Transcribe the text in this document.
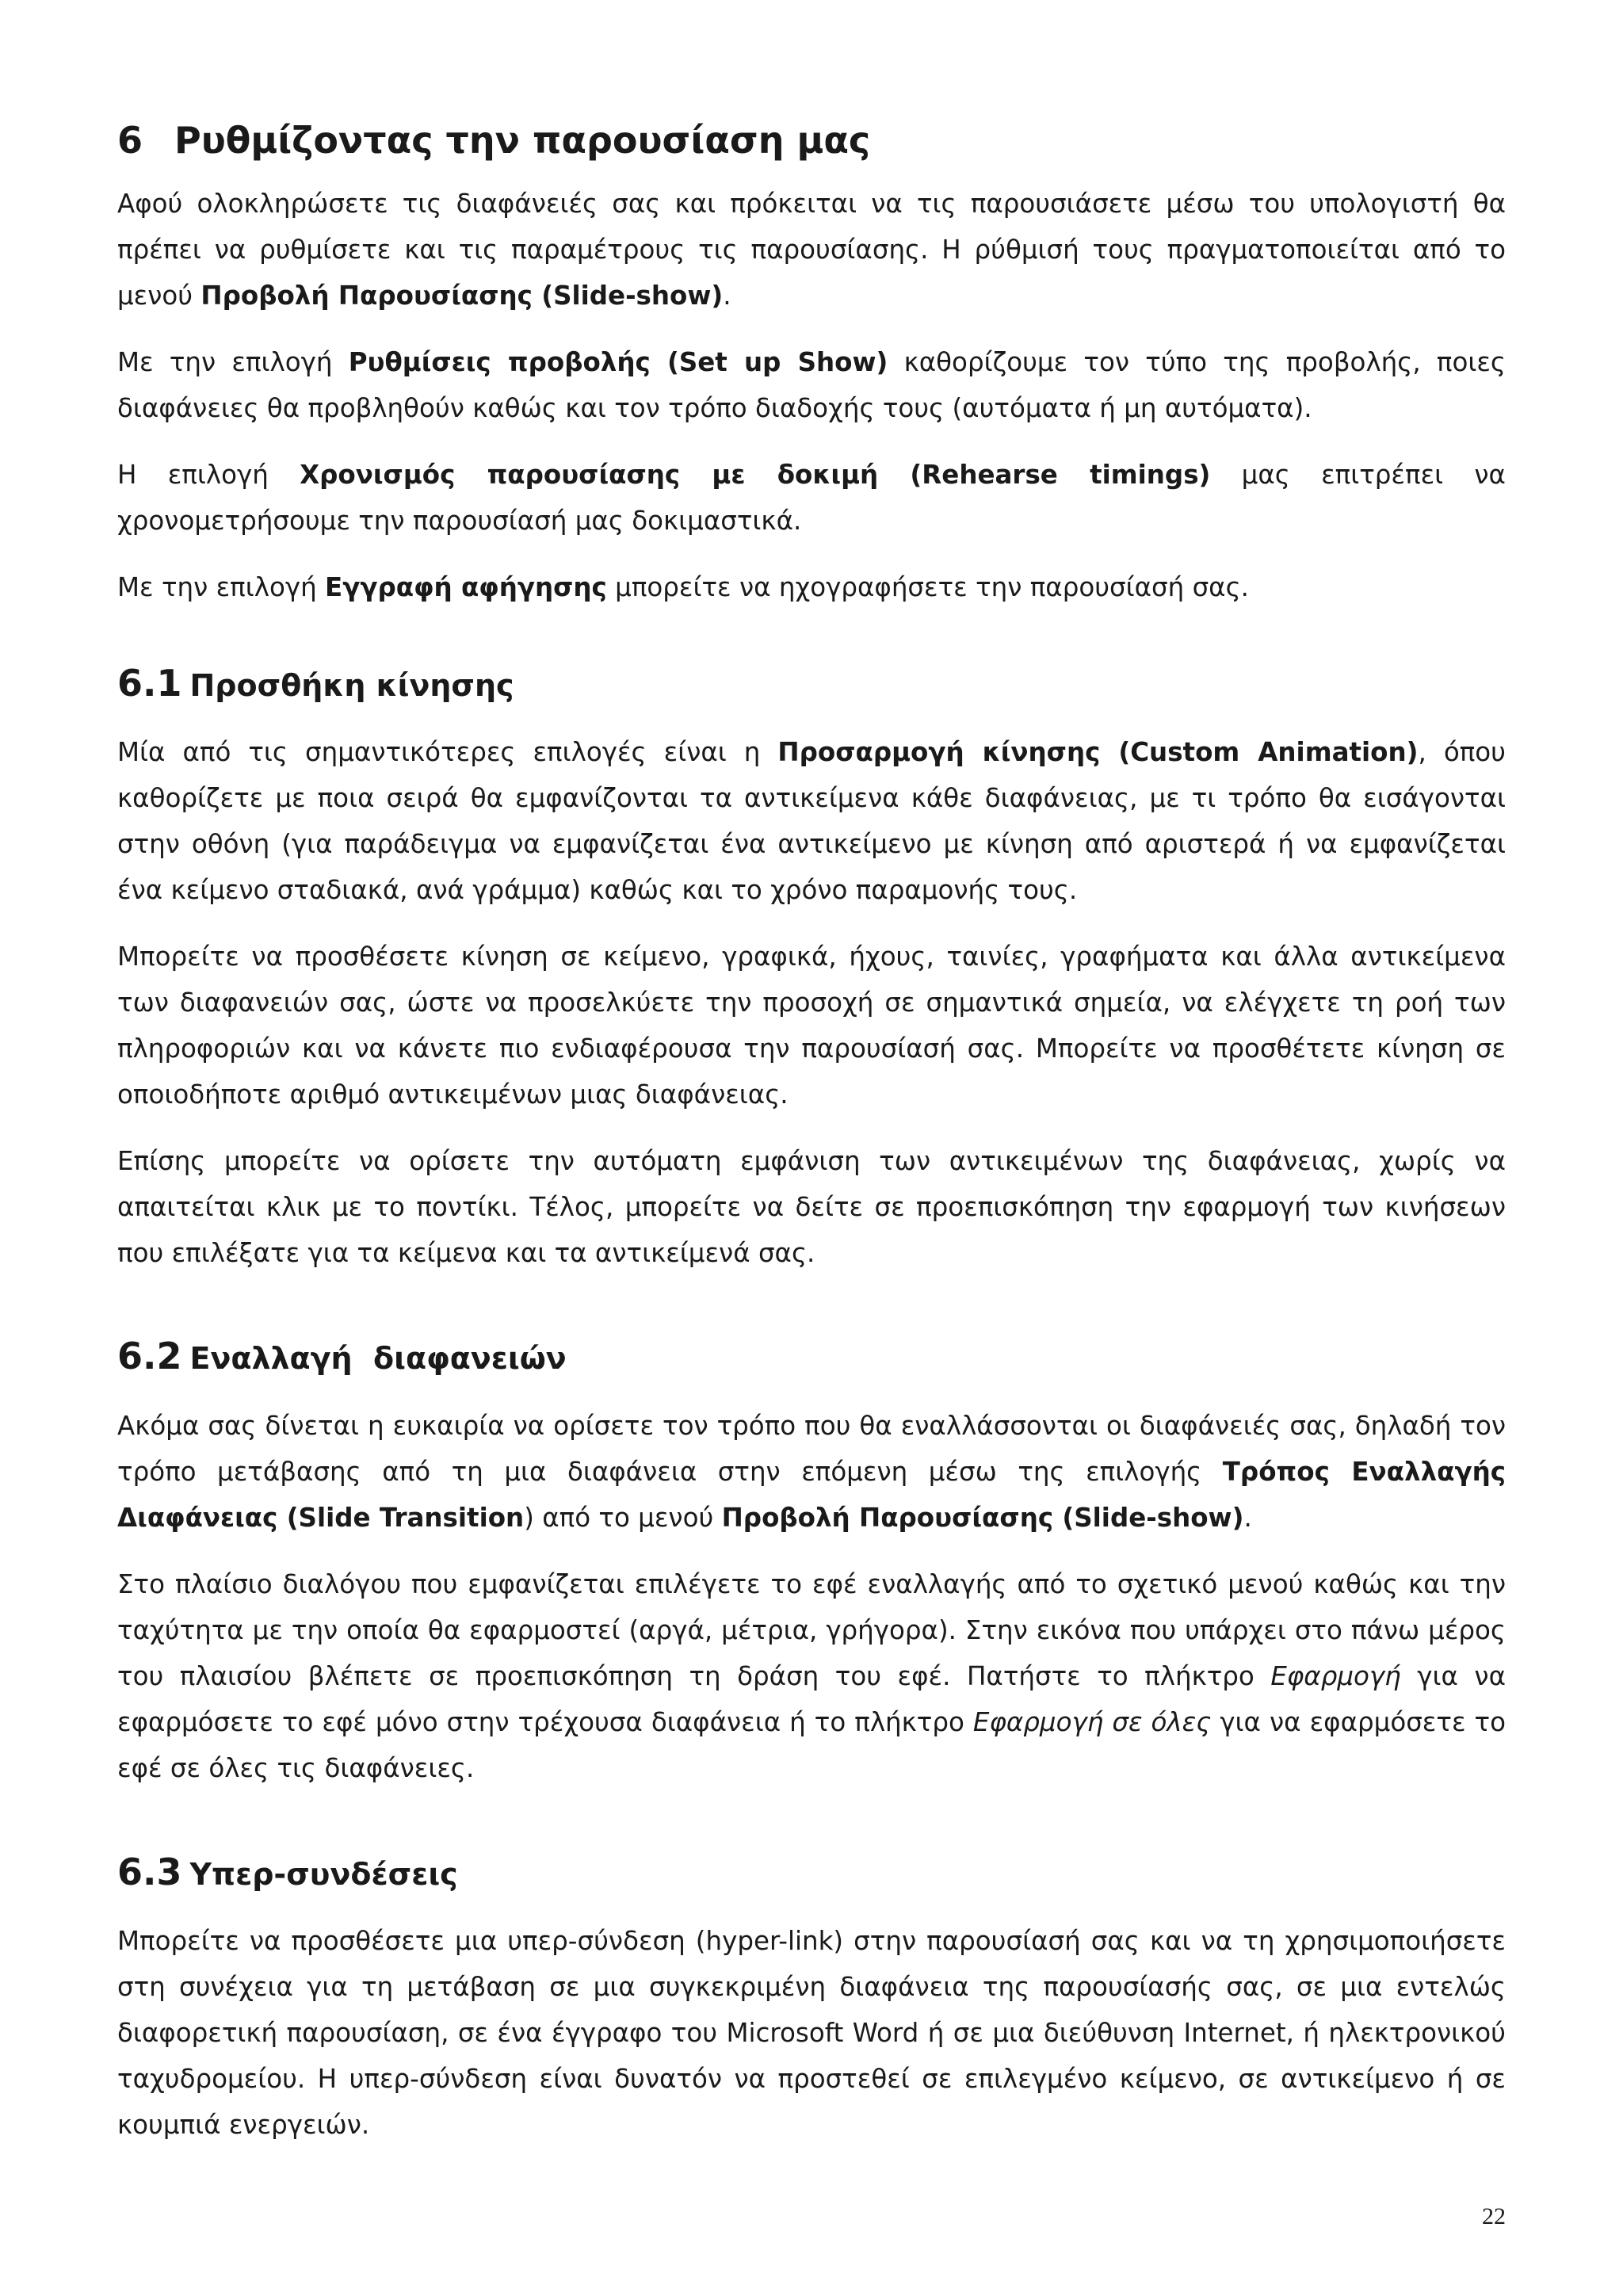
6 Ρυθμίζοντας την παρουσίαση μας

Αφού ολοκληρώσετε τις διαφάνειές σας και πρόκειται να τις παρουσιάσετε μέσω του υπολογιστή θα πρέπει να ρυθμίσετε και τις παραμέτρους τις παρουσίασης. Η ρύθμισή τους πραγματοποιείται από το μενού Προβολή Παρουσίασης (Slide-show).

Με την επιλογή Ρυθμίσεις προβολής (Set up Show) καθορίζουμε τον τύπο της προβολής, ποιες διαφάνειες θα προβληθούν καθώς και τον τρόπο διαδοχής τους (αυτόματα ή μη αυτόματα).

Η επιλογή Χρονισμός παρουσίασης με δοκιμή (Rehearse timings) μας επιτρέπει να χρονομετρήσουμε την παρουσίασή μας δοκιμαστικά.

Με την επιλογή Εγγραφή αφήγησης μπορείτε να ηχογραφήσετε την παρουσίασή σας.

6.1 Προσθήκη κίνησης

Μία από τις σημαντικότερες επιλογές είναι η Προσαρμογή κίνησης (Custom Animation), όπου καθορίζετε με ποια σειρά θα εμφανίζονται τα αντικείμενα κάθε διαφάνειας, με τι τρόπο θα εισάγονται στην οθόνη (για παράδειγμα να εμφανίζεται ένα αντικείμενο με κίνηση από αριστερά ή να εμφανίζεται ένα κείμενο σταδιακά, ανά γράμμα) καθώς και το χρόνο παραμονής τους.

Μπορείτε να προσθέσετε κίνηση σε κείμενο, γραφικά, ήχους, ταινίες, γραφήματα και άλλα αντικείμενα των διαφανειών σας, ώστε να προσελκύετε την προσοχή σε σημαντικά σημεία, να ελέγχετε τη ροή των πληροφοριών και να κάνετε πιο ενδιαφέρουσα την παρουσίασή σας. Μπορείτε να προσθέτετε κίνηση σε οποιοδήποτε αριθμό αντικειμένων μιας διαφάνειας.

Επίσης μπορείτε να ορίσετε την αυτόματη εμφάνιση των αντικειμένων της διαφάνειας, χωρίς να απαιτείται κλικ με το ποντίκι. Τέλος, μπορείτε να δείτε σε προεπισκόπηση την εφαρμογή των κινήσεων που επιλέξατε για τα κείμενα και τα αντικείμενά σας.

6.2 Εναλλαγή  διαφανειών

Ακόμα σας δίνεται η ευκαιρία να ορίσετε τον τρόπο που θα εναλλάσσονται οι διαφάνειές σας, δηλαδή τον τρόπο μετάβασης από τη μια διαφάνεια στην επόμενη μέσω της επιλογής Τρόπος Εναλλαγής Διαφάνειας (Slide Transition) από το μενού Προβολή Παρουσίασης (Slide-show).

Στο πλαίσιο διαλόγου που εμφανίζεται επιλέγετε το εφέ εναλλαγής από το σχετικό μενού καθώς και την ταχύτητα με την οποία θα εφαρμοστεί (αργά, μέτρια, γρήγορα). Στην εικόνα που υπάρχει στο πάνω μέρος του πλαισίου βλέπετε σε προεπισκόπηση τη δράση του εφέ. Πατήστε το πλήκτρο Εφαρμογή για να εφαρμόσετε το εφέ μόνο στην τρέχουσα διαφάνεια ή το πλήκτρο Εφαρμογή σε όλες για να εφαρμόσετε το εφέ σε όλες τις διαφάνειες.

6.3 Υπερ-συνδέσεις

Μπορείτε να προσθέσετε μια υπερ-σύνδεση (hyper-link) στην παρουσίασή σας και να τη χρησιμοποιήσετε στη συνέχεια για τη μετάβαση σε μια συγκεκριμένη διαφάνεια της παρουσίασής σας, σε μια εντελώς διαφορετική παρουσίαση, σε ένα έγγραφο του Microsoft Word ή σε μια διεύθυνση Internet, ή ηλεκτρονικού ταχυδρομείου. Η υπερ-σύνδεση είναι δυνατόν να προστεθεί σε επιλεγμένο κείμενο, σε αντικείμενο ή σε κουμπιά ενεργειών.

22
